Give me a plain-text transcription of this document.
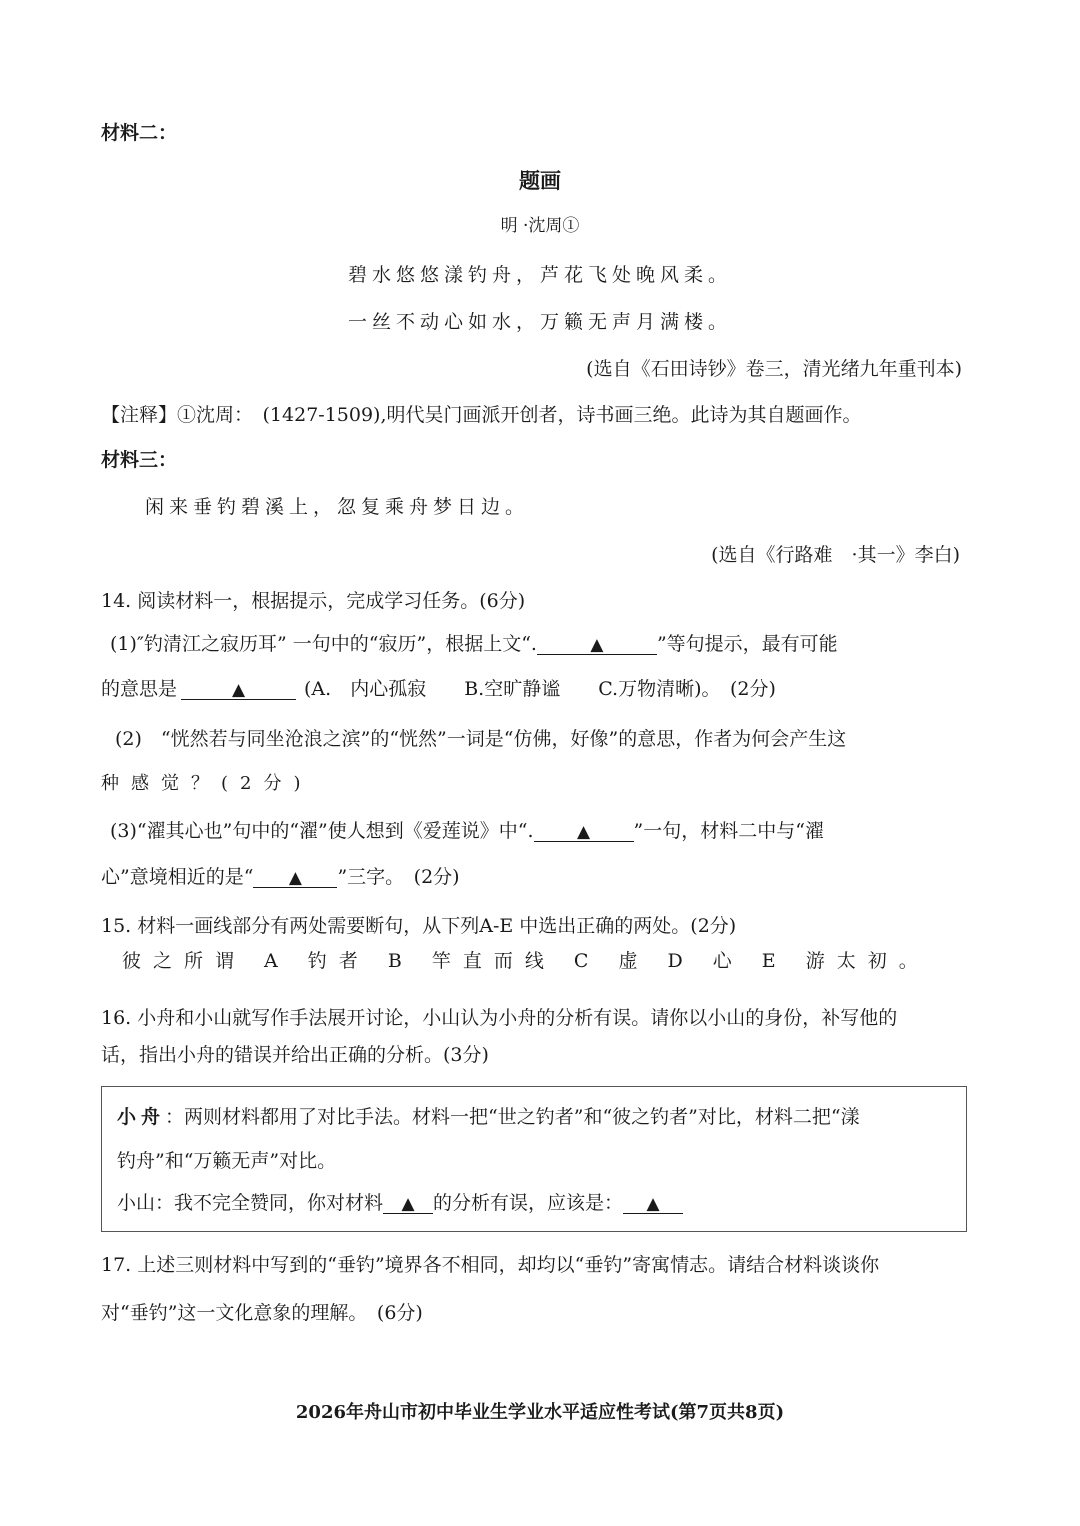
材料二：
题画
明 ·沈周①
碧水悠悠漾钓舟，芦花飞处晚风柔。
一丝不动心如水，万籁无声月满楼。
(选自《石田诗钞》卷三，清光绪九年重刊本)
【注释】①沈周：　(1427-1509),明代吴门画派开创者，诗书画三绝。此诗为其自题画作。
材料三：
闲来垂钓碧溪上，忽复乘舟梦日边。
(选自《行路难　·其一》李白)
14. 阅读材料一，根据提示，完成学习任务。(6分)
(1)″钓清江之寂历耳” 一句中的“寂历”，根据上文“.	▲	”等句提示，最有可能
的意思是	▲	(A.　内心孤寂　　B.空旷静谧　　C.万物清晰)。　(2分)
(2)　“恍然若与同坐沧浪之滨”的“恍然”一词是“仿佛，好像”的意思，作者为何会产生这
种感觉？(2分)
(3)“濯其心也”句中的“濯”使人想到《爱莲说》中“.	▲ ”一句，材料二中与“濯
心”意境相近的是“ ▲ ”三字。　(2分)
15. 材料一画线部分有两处需要断句，从下列A-E 中选出正确的两处。(2分)
彼之所谓 A 钓者 B 竿直而线 C 虚 D 心 E 游太初。
16. 小舟和小山就写作手法展开讨论，小山认为小舟的分析有误。请你以小山的身份，补写他的
话，指出小舟的错误并给出正确的分析。(3分)
小舟：两则材料都用了对比手法。材料一把“世之钓者”和“彼之钓者”对比，材料二把“漾
钓舟”和“万籁无声”对比。
小山：我不完全赞同，你对材料 ▲ 的分析有误，应该是： ▲
17. 上述三则材料中写到的“垂钓”境界各不相同，却均以“垂钓”寄寓情志。请结合材料谈谈你
对“垂钓”这一文化意象的理解。　(6分)
2026年舟山市初中毕业生学业水平适应性考试(第7页共8页)
